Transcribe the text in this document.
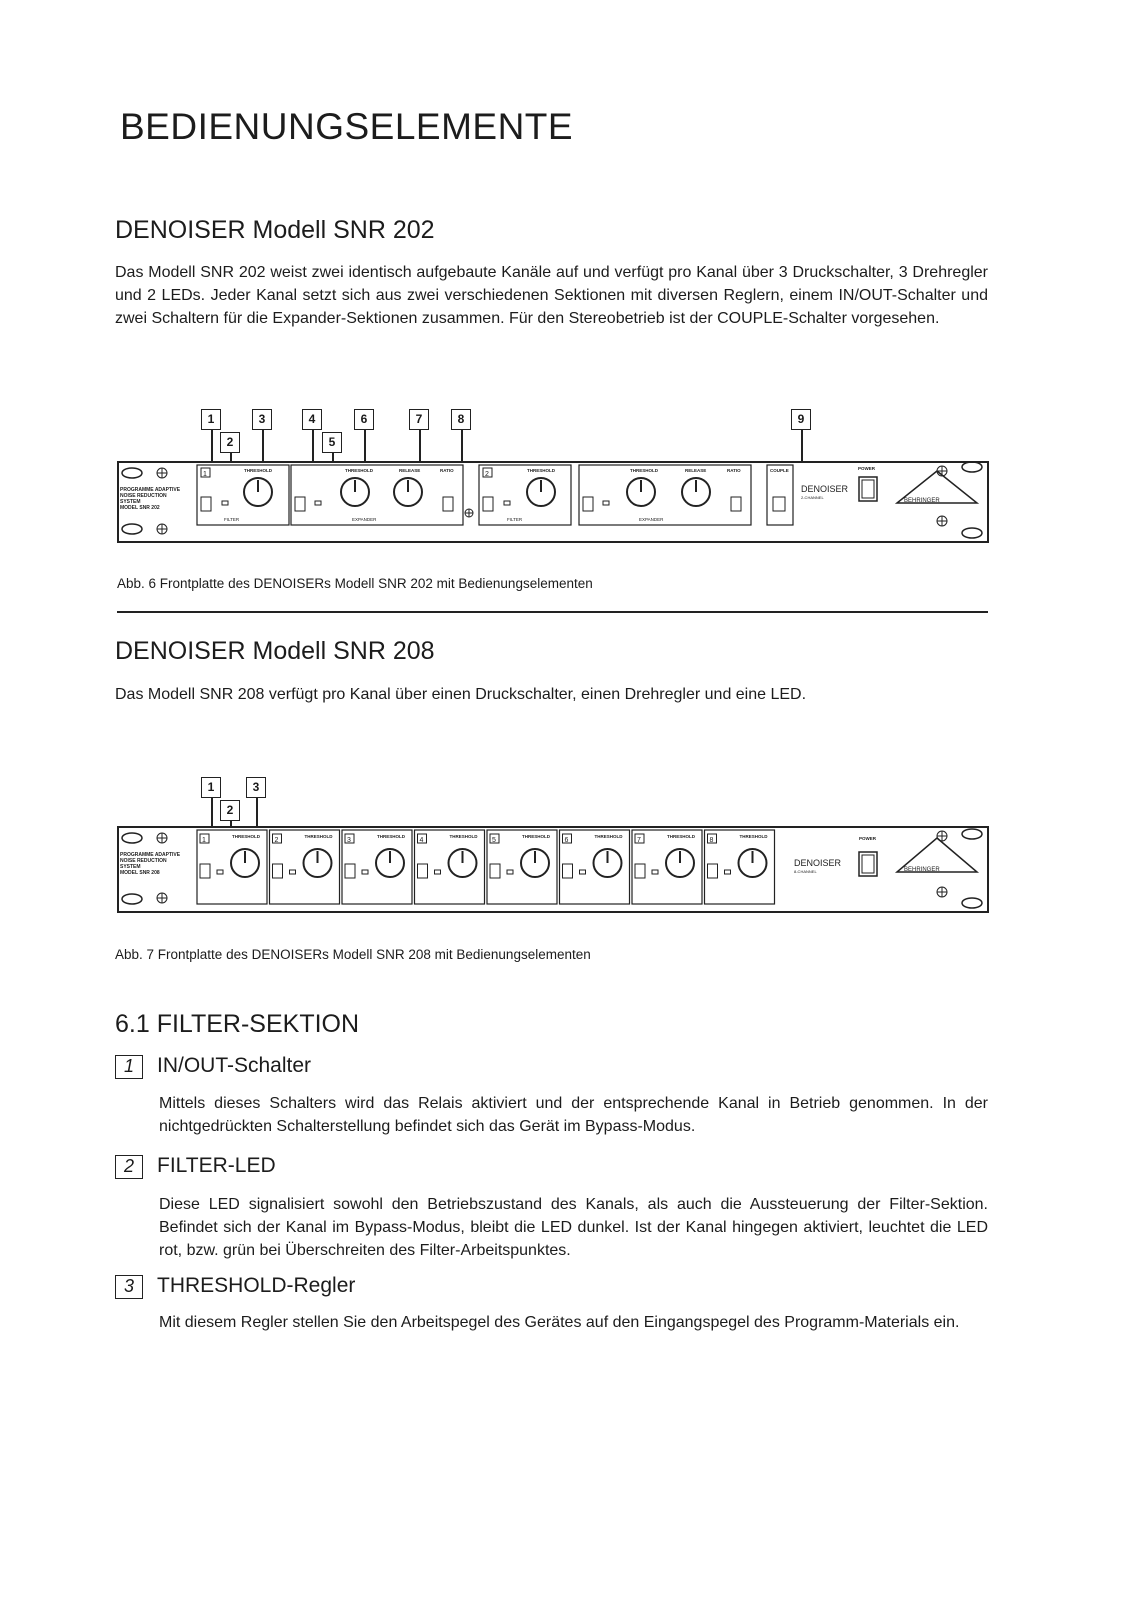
BEDIENUNGSELEMENTE
DENOISER Modell SNR 202

Das Modell SNR 202 weist zwei identisch aufgebaute Kanäle auf und verfügt pro Kanal über 3 Druckschalter, 3 Drehregler und 2 LEDs. Jeder Kanal setzt sich aus zwei verschiedenen Sektionen mit diversen Reglern, einem IN/OUT-Schalter und zwei Schaltern für die Expander-Sektionen zusammen. Für den Stereobetrieb ist der COUPLE-Schalter vorgesehen.

1
2
3	4
5
6	7	8	9
PROGRAMME ADAPTIVE
NOISE REDUCTION
SYSTEM
MODEL SNR 202
1
THRESHOLD
FILTER
THRESHOLD	RELEASE	RATIO
EXPANDER
2
THRESHOLD
FILTER
THRESHOLD	RELEASE	RATIO
EXPANDER
COUPLE
DENOISER
2-CHANNEL
POWER
BEHRINGER
Abb. 6 Frontplatte des DENOISERs Modell SNR 202 mit Bedienungselementen
DENOISER Modell SNR 208

Das Modell SNR 208 verfügt pro Kanal über einen Druckschalter, einen Drehregler und eine LED.

1
2
3
PROGRAMME ADAPTIVE
NOISE REDUCTION
SYSTEM
MODEL SNR 208
1
THRESHOLD
2
THRESHOLD
3
THRESHOLD
4
THRESHOLD
5
THRESHOLD
6
THRESHOLD
7
THRESHOLD
8
THRESHOLD
DENOISER
8-CHANNEL
POWER
BEHRINGER
Abb. 7 Frontplatte des DENOISERs Modell SNR 208 mit Bedienungselementen
6.1 FILTER-SEKTION
1	IN/OUT-Schalter

Mittels dieses Schalters wird das Relais aktiviert und der entsprechende Kanal in Betrieb genommen. In der nichtgedrückten Schalterstellung befindet sich das Gerät im Bypass-Modus.

2	FILTER-LED

Diese LED signalisiert sowohl den Betriebszustand des Kanals, als auch die Aussteuerung der Filter-Sektion. Befindet sich der Kanal im Bypass-Modus, bleibt die LED dunkel. Ist der Kanal hingegen aktiviert, leuchtet die LED rot, bzw. grün bei Überschreiten des Filter-Arbeitspunktes.

3	THRESHOLD-Regler

Mit diesem Regler stellen Sie den Arbeitspegel des Gerätes auf den Eingangspegel des Programm-Materials ein.
